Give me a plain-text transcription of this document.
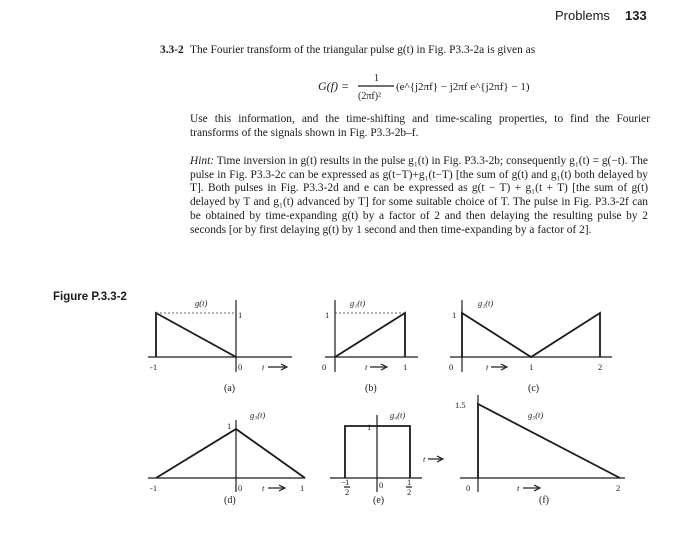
Problems 133
3.3-2 The Fourier transform of the triangular pulse g(t) in Fig. P3.3-2a is given as
G(f) =
1
(2πf)²
(e^{j2πf} − j2πf e^{j2πf} − 1)
Use this information, and the time-shifting and time-scaling properties, to find the Fourier transforms of the signals shown in Fig. P3.3-2b–f.
Hint: Time inversion in g(t) results in the pulse g₁(t) in Fig. P3.3-2b; consequently g₁(t) = g(−t). The pulse in Fig. P3.3-2c can be expressed as g(t−T)+g₁(t−T) [the sum of g(t) and g₁(t) both delayed by T]. Both pulses in Fig. P3.3-2d and e can be expressed as g(t − T) + g₁(t + T) [the sum of g(t) delayed by T and g₁(t) advanced by T] for some suitable choice of T. The pulse in Fig. P3.3-2f can be obtained by time-expanding g(t) by a factor of 2 and then delaying the resulting pulse by 2 seconds [or by first delaying g(t) by 1 second and then time-expanding by a factor of 2].
Figure P.3.3-2
-1	0
1
g(t)
t
(a)
0	1
1
g₁(t)
t
(b)
0	1	2
1
g₂(t)
t
(c)
-1	0	1
1
g₃(t)
t
(d)
1
0
− 1
2
1
2
g₄(t)
t
(e)
1.5
0	2
g₅(t)
t
(f)
